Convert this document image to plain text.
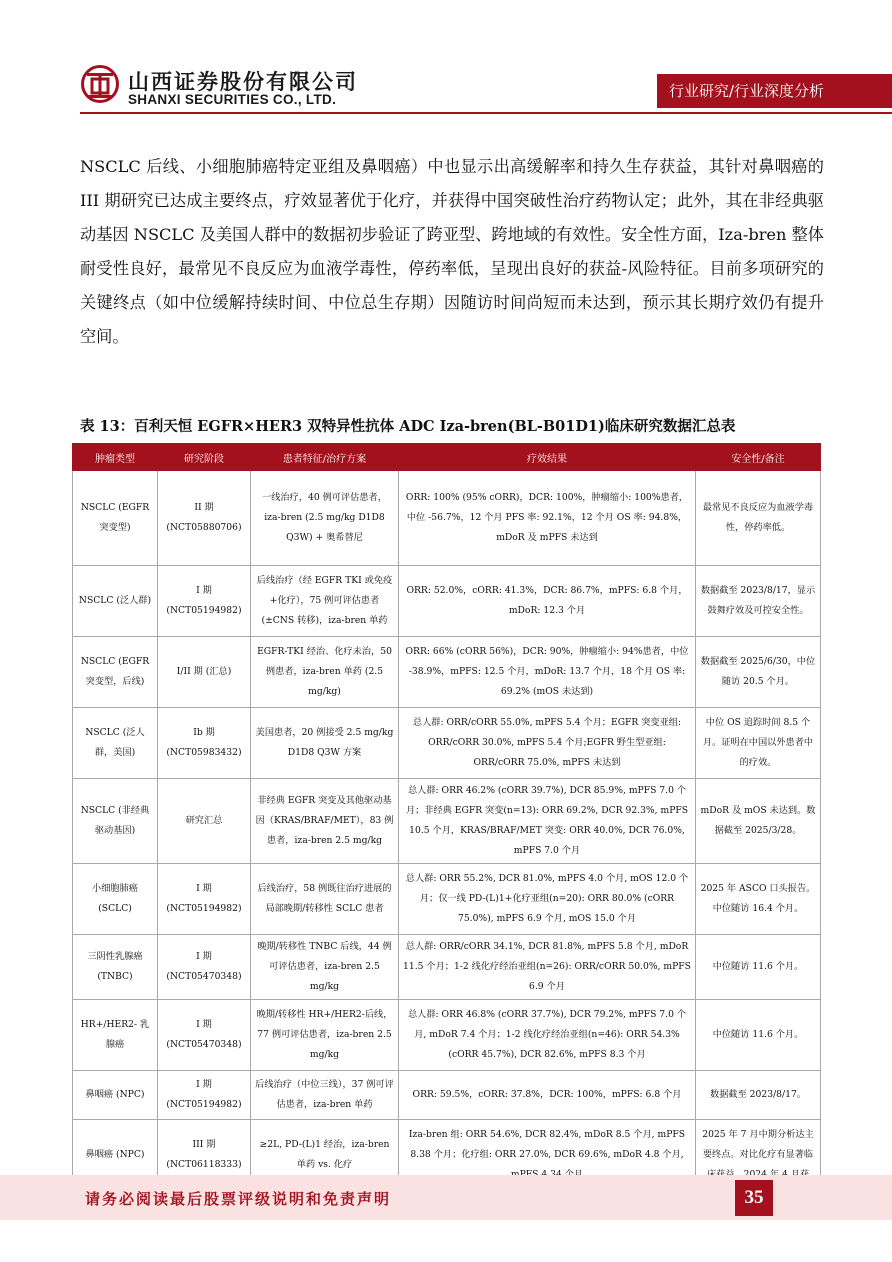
山西证券股份有限公司
SHANXI SECURITIES CO., LTD.	行业研究/行业深度分析

NSCLC 后线、小细胞肺癌特定亚组及鼻咽癌）中也显示出高缓解率和持久生存获益，其针对鼻咽癌的 III 期研究已达成主要终点，疗效显著优于化疗，并获得中国突破性治疗药物认定；此外，其在非经典驱动基因 NSCLC 及美国人群中的数据初步验证了跨亚型、跨地域的有效性。安全性方面，Iza-bren 整体耐受性良好，最常见不良反应为血液学毒性，停药率低，呈现出良好的获益-风险特征。目前多项研究的关键终点（如中位缓解持续时间、中位总生存期）因随访时间尚短而未达到，预示其长期疗效仍有提升空间。

表 13：百利天恒 EGFR×HER3 双特异性抗体 ADC Iza-bren(BL-B01D1)临床研究数据汇总表
肿瘤类型	研究阶段	患者特征/治疗方案	疗效结果	安全性/备注
NSCLC (EGFR 突变型)	II 期 (NCT05880706)	一线治疗，40 例可评估患者，iza-bren (2.5 mg/kg D1D8 Q3W) + 奥希替尼	ORR: 100% (95% cORR)，DCR: 100%，肿瘤缩小: 100%患者，中位 -56.7%，12 个月 PFS 率: 92.1%，12 个月 OS 率: 94.8%，mDoR 及 mPFS 未达到	最常见不良反应为血液学毒性，停药率低。
NSCLC (泛人群)	I 期 (NCT05194982)	后线治疗（经 EGFR TKI 或免疫+化疗），75 例可评估患者(±CNS 转移)，iza-bren 单药	ORR: 52.0%，cORR: 41.3%，DCR: 86.7%，mPFS: 6.8 个月，mDoR: 12.3 个月	数据截至 2023/8/17，显示鼓舞疗效及可控安全性。
NSCLC (EGFR 突变型，后线)	I/II 期 (汇总)	EGFR-TKI 经治、化疗未治，50 例患者，iza-bren 单药 (2.5 mg/kg)	ORR: 66% (cORR 56%)，DCR: 90%，肿瘤缩小: 94%患者，中位 -38.9%，mPFS: 12.5 个月，mDoR: 13.7 个月，18 个月 OS 率: 69.2% (mOS 未达到)	数据截至 2025/6/30，中位随访 20.5 个月。
NSCLC (泛人群，美国)	Ib 期 (NCT05983432)	美国患者，20 例接受 2.5 mg/kg D1D8 Q3W 方案	总人群: ORR/cORR 55.0%, mPFS 5.4 个月；EGFR 突变亚组: ORR/cORR 30.0%, mPFS 5.4 个月;EGFR 野生型亚组: ORR/cORR 75.0%, mPFS 未达到	中位 OS 追踪时间 8.5 个月。证明在中国以外患者中的疗效。
NSCLC (非经典驱动基因)	研究汇总	非经典 EGFR 突变及其他驱动基因（KRAS/BRAF/MET），83 例患者，iza-bren 2.5 mg/kg	总人群: ORR 46.2% (cORR 39.7%), DCR 85.9%, mPFS 7.0 个月；非经典 EGFR 突变(n=13): ORR 69.2%, DCR 92.3%, mPFS 10.5 个月，KRAS/BRAF/MET 突变: ORR 40.0%, DCR 76.0%, mPFS 7.0 个月	mDoR 及 mOS 未达到。数据截至 2025/3/28。
小细胞肺癌 (SCLC)	I 期 (NCT05194982)	后线治疗，58 例既往治疗进展的局部晚期/转移性 SCLC 患者	总人群: ORR 55.2%, DCR 81.0%, mPFS 4.0 个月, mOS 12.0 个月；仅一线 PD-(L)1+化疗亚组(n=20): ORR 80.0% (cORR 75.0%), mPFS 6.9 个月, mOS 15.0 个月	2025 年 ASCO 口头报告。中位随访 16.4 个月。
三阴性乳腺癌 (TNBC)	I 期 (NCT05470348)	晚期/转移性 TNBC 后线，44 例可评估患者，iza-bren 2.5 mg/kg	总人群: ORR/cORR 34.1%, DCR 81.8%, mPFS 5.8 个月, mDoR 11.5 个月；1-2 线化疗经治亚组(n=26): ORR/cORR 50.0%, mPFS 6.9 个月	中位随访 11.6 个月。
HR+/HER2- 乳腺癌	I 期 (NCT05470348)	晚期/转移性 HR+/HER2-后线，77 例可评估患者，iza-bren 2.5 mg/kg	总人群: ORR 46.8% (cORR 37.7%), DCR 79.2%, mPFS 7.0 个月, mDoR 7.4 个月；1-2 线化疗经治亚组(n=46): ORR 54.3% (cORR 45.7%), DCR 82.6%, mPFS 8.3 个月	中位随访 11.6 个月。
鼻咽癌 (NPC)	I 期 (NCT05194982)	后线治疗（中位三线），37 例可评估患者，iza-bren 单药	ORR: 59.5%，cORR: 37.8%，DCR: 100%，mPFS: 6.8 个月	数据截至 2023/8/17。
鼻咽癌 (NPC)	III 期 (NCT06118333)	≥2L, PD-(L)1 经治，iza-bren 单药 vs. 化疗	Iza-bren 组: ORR 54.6%, DCR 82.4%, mDoR 8.5 个月, mPFS 8.38 个月；化疗组: ORR 27.0%, DCR 69.6%, mDoR 4.8 个月,	2025 年 7 月中期分析达主要终点。对比化疗有显著临
请务必阅读最后股票评级说明和免责声明	35
